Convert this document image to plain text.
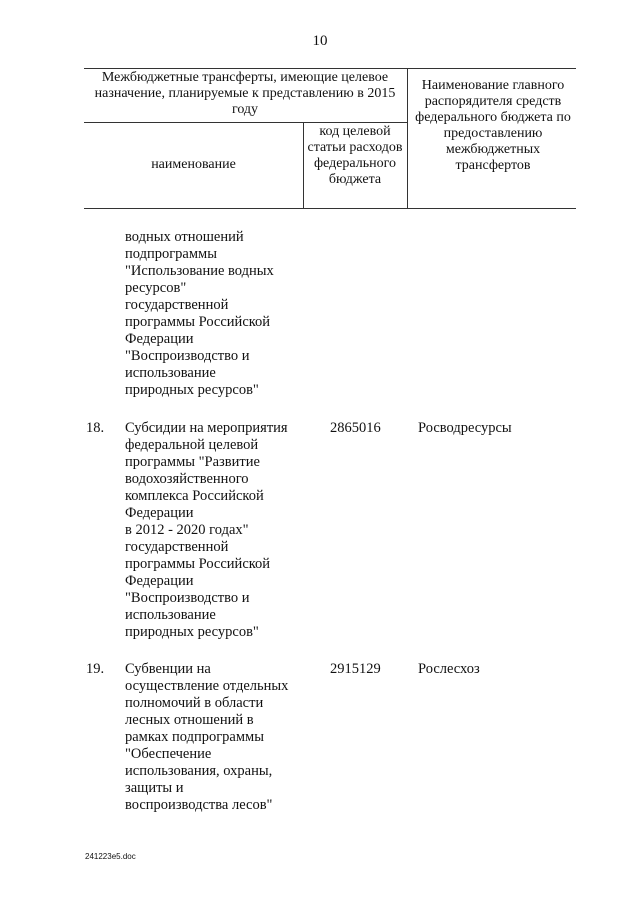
10
Межбюджетные трансферты, имеющие целевое назначение, планируемые к представлению в 2015 году
наименование
код целевой статьи расходов федерального бюджета
Наименование главного распорядителя средств федерального бюджета по предоставлению межбюджетных трансфертов
водных отношений
подпрограммы
"Использование водных
ресурсов"
государственной
программы Российской
Федерации
"Воспроизводство и
использование
природных ресурсов"
18. Субсидии на мероприятия
федеральной целевой
программы "Развитие
водохозяйственного
комплекса Российской
Федерации
в 2012 - 2020 годах"
государственной
программы Российской
Федерации
"Воспроизводство и
использование
природных ресурсов"
2865016	Росводресурсы
19. Субвенции на
осуществление отдельных
полномочий в области
лесных отношений в
рамках подпрограммы
"Обеспечение
использования, охраны,
защиты и
воспроизводства лесов"
2915129	Рослесхоз
241223e5.doc
